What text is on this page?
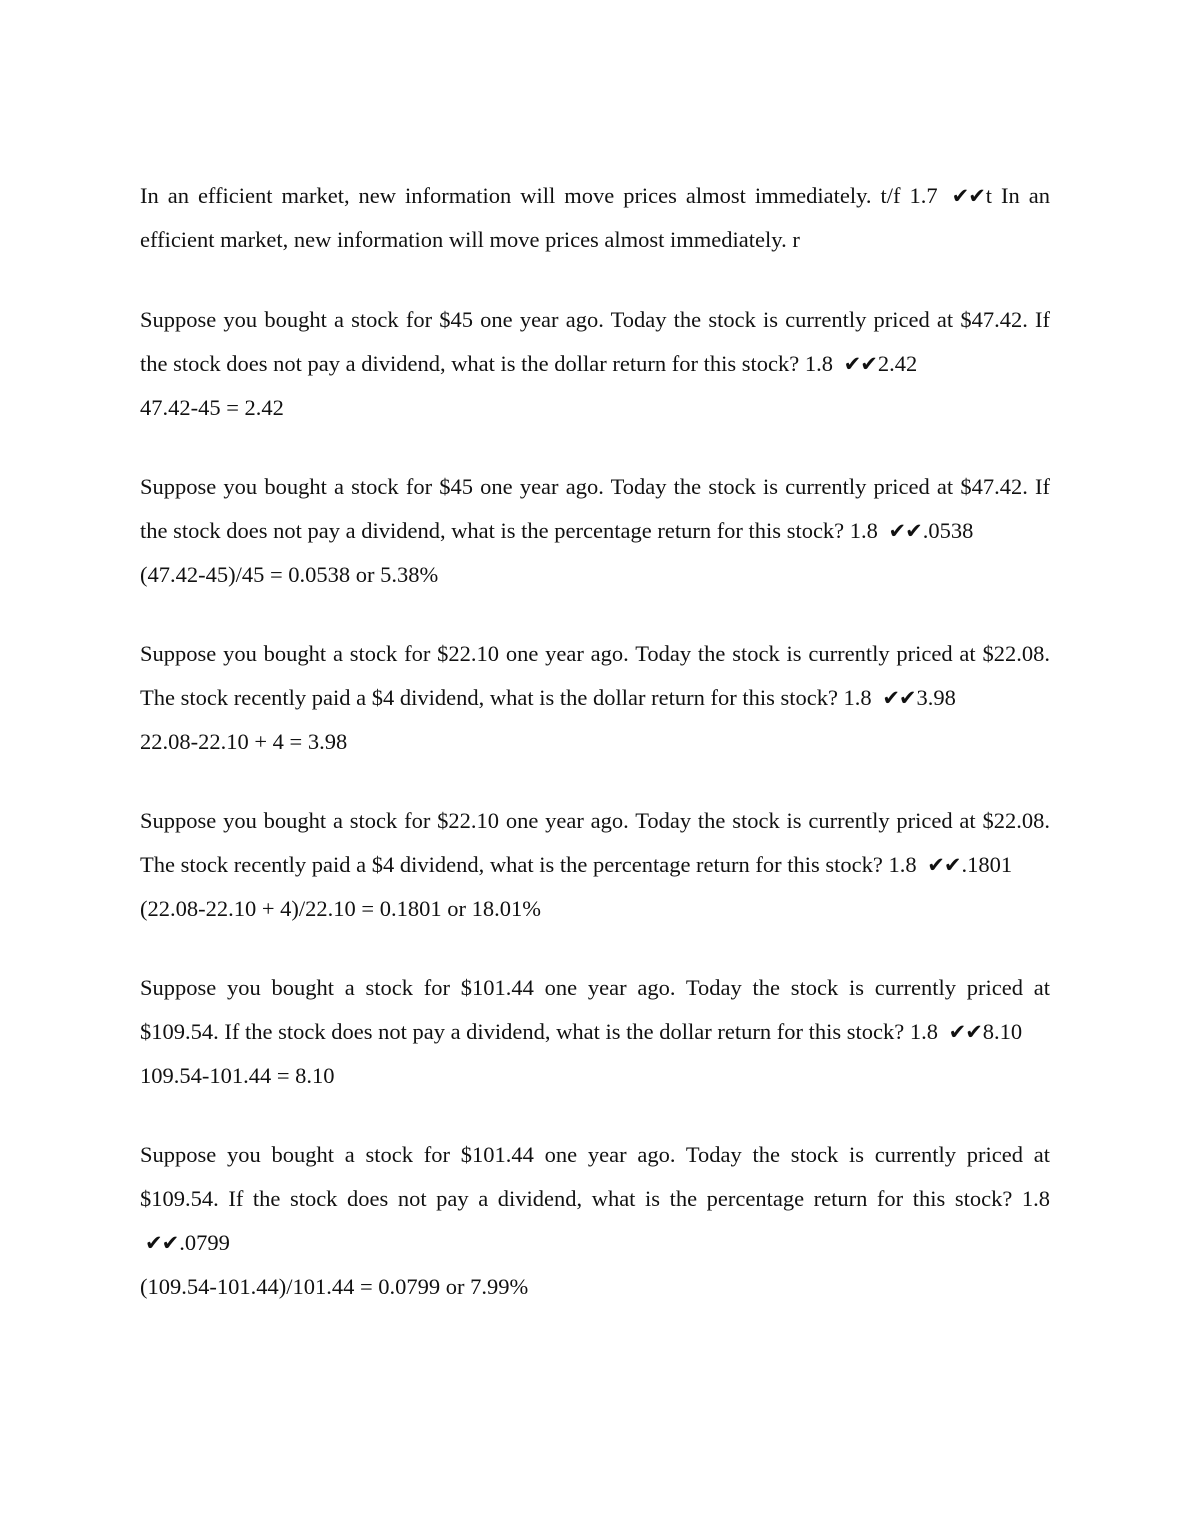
In an efficient market, new information will move prices almost immediately. t/f 1.7 ✔✔t In an efficient market, new information will move prices almost immediately. r

Suppose you bought a stock for $45 one year ago. Today the stock is currently priced at $47.42. If the stock does not pay a dividend, what is the dollar return for this stock? 1.8 ✔✔2.42

47.42-45 = 2.42

Suppose you bought a stock for $45 one year ago. Today the stock is currently priced at $47.42. If the stock does not pay a dividend, what is the percentage return for this stock? 1.8 ✔✔.0538

(47.42-45)/45 = 0.0538 or 5.38%

Suppose you bought a stock for $22.10 one year ago. Today the stock is currently priced at $22.08. The stock recently paid a $4 dividend, what is the dollar return for this stock? 1.8 ✔✔3.98

22.08-22.10 + 4 = 3.98

Suppose you bought a stock for $22.10 one year ago. Today the stock is currently priced at $22.08. The stock recently paid a $4 dividend, what is the percentage return for this stock? 1.8 ✔✔.1801

(22.08-22.10 + 4)/22.10 = 0.1801 or 18.01%

Suppose you bought a stock for $101.44 one year ago. Today the stock is currently priced at $109.54. If the stock does not pay a dividend, what is the dollar return for this stock? 1.8 ✔✔8.10

109.54-101.44 = 8.10

Suppose you bought a stock for $101.44 one year ago. Today the stock is currently priced at $109.54. If the stock does not pay a dividend, what is the percentage return for this stock? 1.8 ✔✔.0799

(109.54-101.44)/101.44 = 0.0799 or 7.99%
